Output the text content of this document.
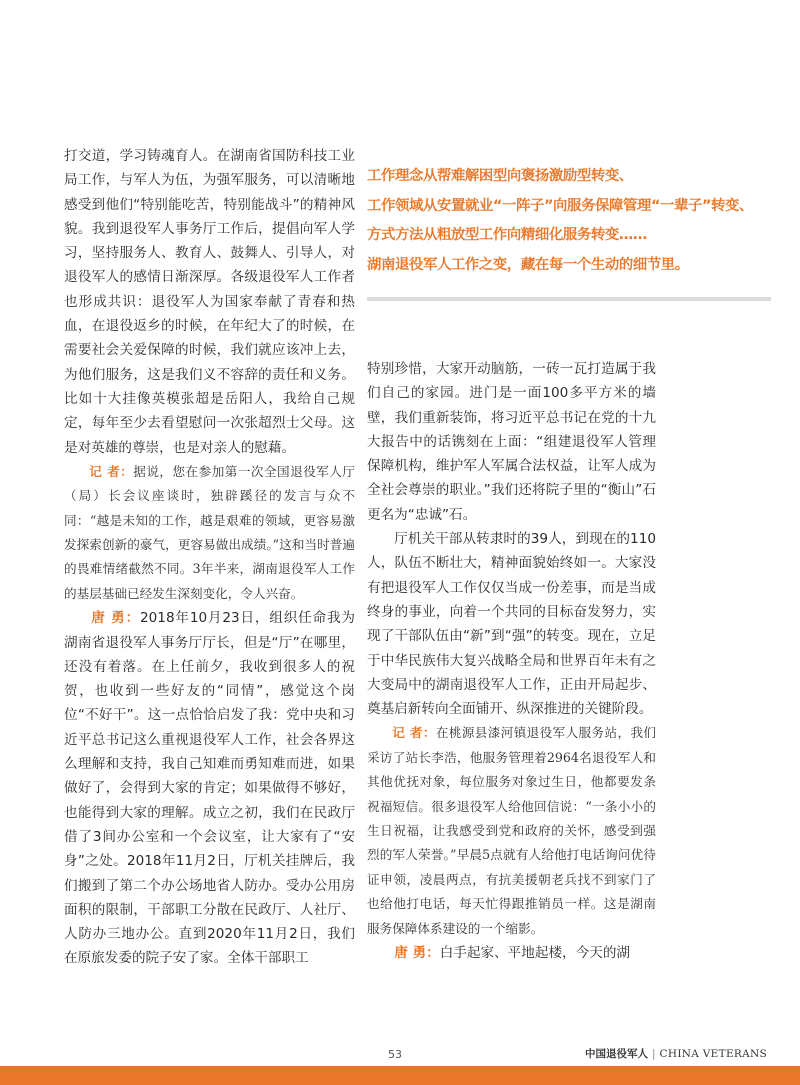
打交道，学习铸魂育人。在湖南省国防科技工业局工作，与军人为伍，为强军服务，可以清晰地感受到他们“特别能吃苦，特别能战斗”的精神风貌。我到退役军人事务厅工作后，提倡向军人学习，坚持服务人、教育人、鼓舞人、引导人，对退役军人的感情日渐深厚。各级退役军人工作者也形成共识：退役军人为国家奉献了青春和热血，在退役返乡的时候，在年纪大了的时候，在需要社会关爱保障的时候，我们就应该冲上去，为他们服务，这是我们义不容辞的责任和义务。比如十大挂像英模张超是岳阳人，我给自己规定，每年至少去看望慰问一次张超烈士父母。这是对英雄的尊崇，也是对亲人的慰藉。

记 者：据说，您在参加第一次全国退役军人厅（局）长会议座谈时，独辟蹊径的发言与众不同：“越是未知的工作，越是艰难的领域，更容易激发探索创新的豪气，更容易做出成绩。”这和当时普遍的畏难情绪截然不同。3年半来，湖南退役军人工作的基层基础已经发生深刻变化，令人兴奋。

唐 勇：2018年10月23日，组织任命我为湖南省退役军人事务厅厅长，但是“厅”在哪里，还没有着落。在上任前夕，我收到很多人的祝贺，也收到一些好友的“同情”，感觉这个岗位“不好干”。这一点恰恰启发了我：党中央和习近平总书记这么重视退役军人工作，社会各界这么理解和支持，我自己知难而勇知难而进，如果做好了，会得到大家的肯定；如果做得不够好，也能得到大家的理解。成立之初，我们在民政厅借了3间办公室和一个会议室，让大家有了“安身”之处。2018年11月2日，厅机关挂牌后，我们搬到了第二个办公场地省人防办。受办公用房面积的限制，干部职工分散在民政厅、人社厅、人防办三地办公。直到2020年11月2日，我们在原旅发委的院子安了家。全体干部职工

工作理念从帮难解困型向褒扬激励型转变、
工作领域从安置就业“一阵子”向服务保障管理“一辈子”转变、
方式方法从粗放型工作向精细化服务转变……
湖南退役军人工作之变，藏在每一个生动的细节里。

特别珍惜，大家开动脑筋，一砖一瓦打造属于我们自己的家园。进门是一面100多平方米的墙壁，我们重新装饰，将习近平总书记在党的十九大报告中的话镌刻在上面：“组建退役军人管理保障机构，维护军人军属合法权益，让军人成为全社会尊崇的职业。”我们还将院子里的“衡山”石更名为“忠诚”石。

厅机关干部从转隶时的39人，到现在的110人，队伍不断壮大，精神面貌始终如一。大家没有把退役军人工作仅仅当成一份差事，而是当成终身的事业，向着一个共同的目标奋发努力，实现了干部队伍由“新”到“强”的转变。现在，立足于中华民族伟大复兴战略全局和世界百年未有之大变局中的湖南退役军人工作，正由开局起步、奠基启新转向全面铺开、纵深推进的关键阶段。

记 者：在桃源县漆河镇退役军人服务站，我们采访了站长李浩，他服务管理着2964名退役军人和其他优抚对象，每位服务对象过生日，他都要发条祝福短信。很多退役军人给他回信说：“一条小小的生日祝福，让我感受到党和政府的关怀，感受到强烈的军人荣誉。”早晨5点就有人给他打电话询问优待证申领，凌晨两点，有抗美援朝老兵找不到家门了也给他打电话，每天忙得跟推销员一样。这是湖南服务保障体系建设的一个缩影。

唐 勇：白手起家、平地起楼，今天的湖

53	中国退役军人 | CHINA VETERANS
